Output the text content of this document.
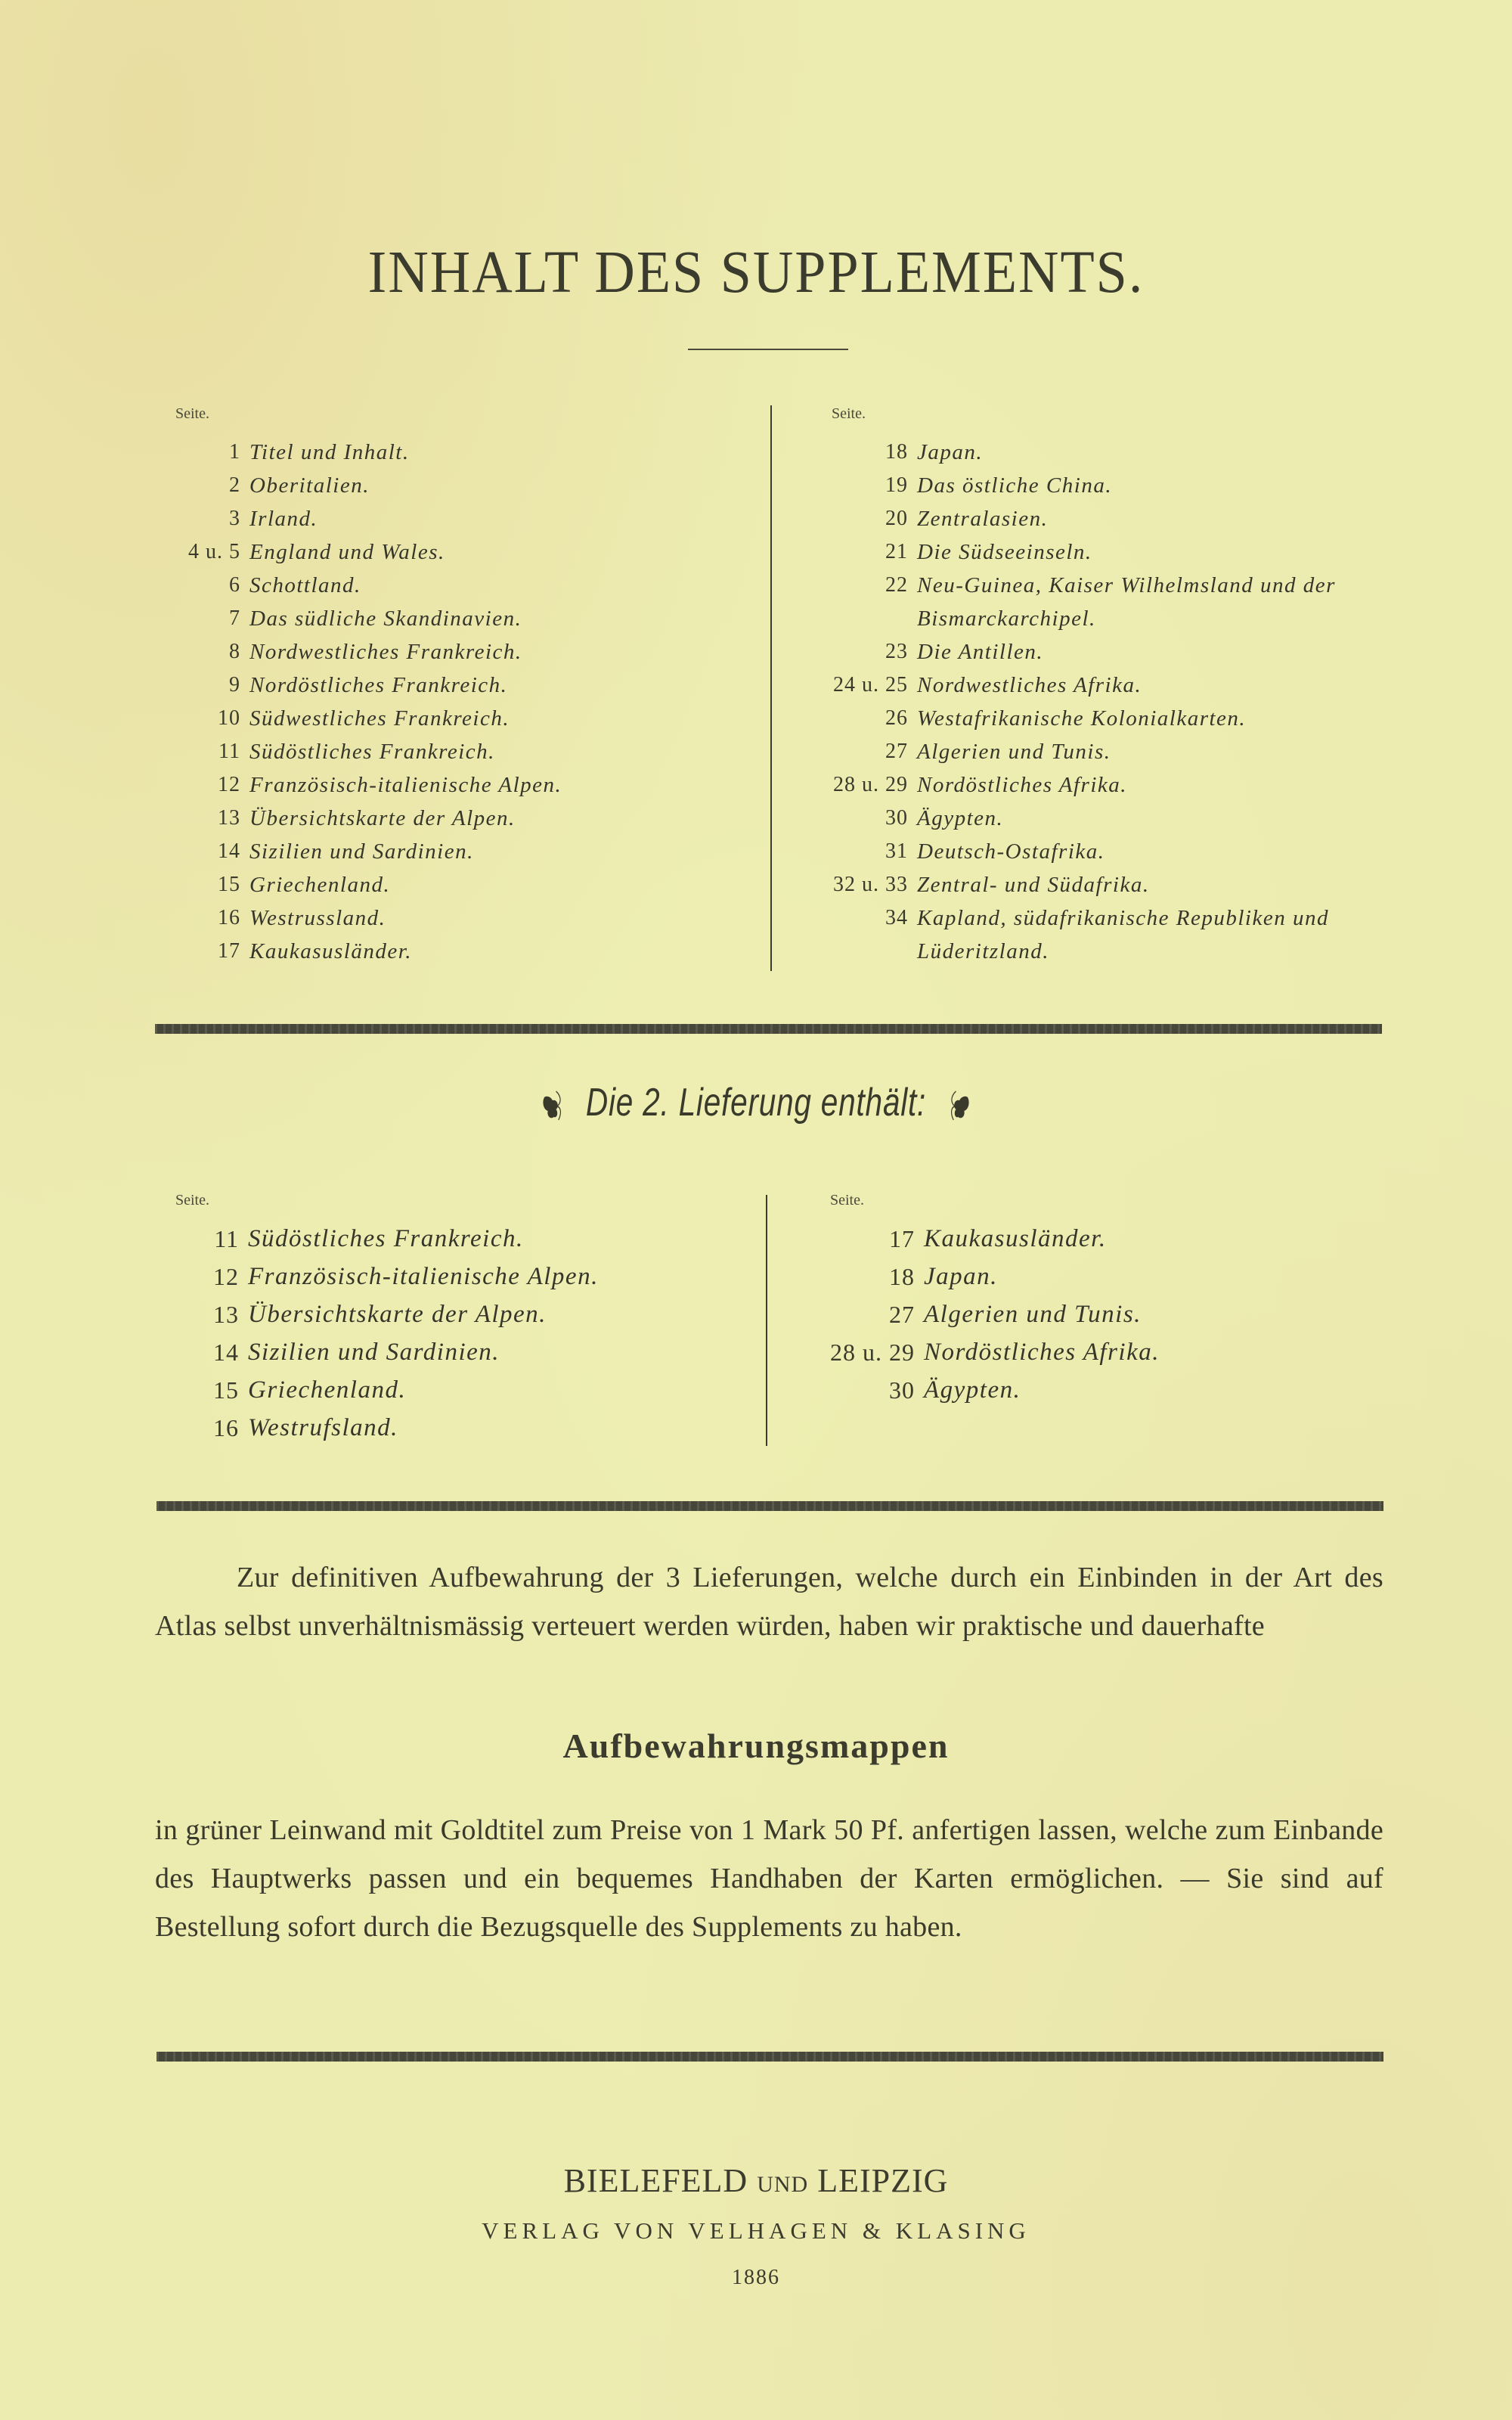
INHALT DES SUPPLEMENTS.
Seite.
1 Titel und Inhalt.
2 Oberitalien.
3 Irland.
4 u. 5 England und Wales.
6 Schottland.
7 Das südliche Skandinavien.
8 Nordwestliches Frankreich.
9 Nordöstliches Frankreich.
10 Südwestliches Frankreich.
11 Südöstliches Frankreich.
12 Französisch-italienische Alpen.
13 Übersichtskarte der Alpen.
14 Sizilien und Sardinien.
15 Griechenland.
16 Westrussland.
17 Kaukasusländer.
Seite.
18 Japan.
19 Das östliche China.
20 Zentralasien.
21 Die Südseeinseln.
22 Neu-Guinea, Kaiser Wilhelmsland und der Bismarckarchipel.
23 Die Antillen.
24 u. 25 Nordwestliches Afrika.
26 Westafrikanische Kolonialkarten.
27 Algerien und Tunis.
28 u. 29 Nordöstliches Afrika.
30 Ägypten.
31 Deutsch-Ostafrika.
32 u. 33 Zentral- und Südafrika.
34 Kapland, südafrikanische Republiken und Lüderitzland.
Die 2. Lieferung enthält:
Seite.
11 Südöstliches Frankreich.
12 Französisch-italienische Alpen.
13 Übersichtskarte der Alpen.
14 Sizilien und Sardinien.
15 Griechenland.
16 Westrufsland.
Seite.
17 Kaukasusländer.
18 Japan.
27 Algerien und Tunis.
28 u. 29 Nordöstliches Afrika.
30 Ägypten.

Zur definitiven Aufbewahrung der 3 Lieferungen, welche durch ein Einbinden in der Art des Atlas selbst unverhältnismässig verteuert werden würden, haben wir praktische und dauerhafte

Aufbewahrungsmappen

in grüner Leinwand mit Goldtitel zum Preise von 1 Mark 50 Pf. anfertigen lassen, welche zum Einbande des Hauptwerks passen und ein bequemes Handhaben der Karten ermöglichen. — Sie sind auf Bestellung sofort durch die Bezugsquelle des Supplements zu haben.

BIELEFELD UND LEIPZIG
VERLAG VON VELHAGEN & KLASING
1886
